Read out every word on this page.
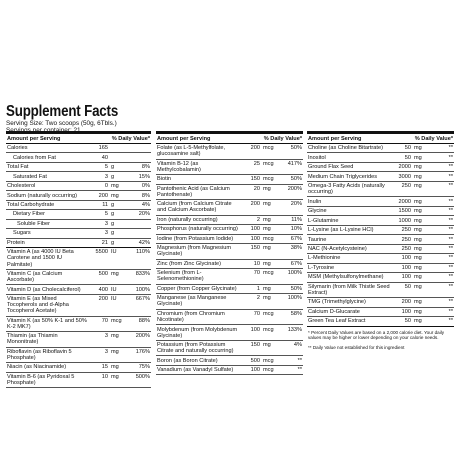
Supplement Facts
Serving Size: Two scoops (50g, 6Tbls.)
Servings per container: 21
Amount per Serving	% Daily Value*
Calories	165
Calories from Fat	40
Total Fat	5 g	8%
Saturated Fat	3 g	15%
Cholesterol	0 mg	0%
Sodium (naturally occurring)	200 mg	8%
Total Carbohydrate	11 g	4%
Dietary Fiber	5 g	20%
Soluble Fiber	3 g
Sugars	3 g
Protein	21 g	42%
Vitamin A (as 4000 IU Beta Carotene and 1500 IU Palmitate)
5500 IU	110%
Vitamin C (as Calcium Ascorbate)
500 mg	833%
Vitamin D (as Cholecalciferol)	400 IU	100%
Vitamin E (as Mixed Tocopherols and d-Alpha Tocopherol Acetate)
200 IU	667%
Vitamin K (as 50% K-1 and 50% K-2 MK7)
70 mcg	88%
Thiamin (as Thiamin Mononitrate)
3 mg	200%
Riboflavin (as Riboflavin 5 Phosphate)
3 mg	176%
Niacin (as Niacinamide)	15 mg	75%
Vitamin B-6 (as Pyridoxal 5 Phosphate)
10 mg	500%
Amount per Serving	% Daily Value*
Folate (as L-5-Methylfolate, glucosamine salt)
200 mcg	50%
Vitamin B-12 (as Methylcobalamin)
25 mcg	417%
Biotin	150 mcg	50%
Pantothenic Acid (as Calcium Pantothenate)
20 mg	200%
Calcium (from Calcium Citrate and Calcium Ascorbate)
200 mg	20%
Iron (naturally occurring)	2 mg	11%
Phosphorus (naturally occurring)	100 mg	10%
Iodine (from Potassium Iodide)	100 mcg	67%
Magnesium (from Magnesium Glycinate)
150 mg	38%
Zinc (from Zinc Glycinate)	10 mg	67%
Selenium (from L- Selenomethionine)
70 mcg	100%
Copper (from Copper Glycinate)	1 mg	50%
Manganese (as Manganese Glycinate)
2 mg	100%
Chromium (from Chromium Nicotinate)
70 mcg	58%
Molybdenum (from Molybdenum Glycinate)
100 mcg	133%
Potassium (from Potassium Citrate and naturally occurring)
150 mg	4%
Boron (as Boron Citrate)	500 mcg	**
Vanadium (as Vanadyl Sulfate)	100 mcg	**
Amount per Serving	% Daily Value*
Choline (as Choline Bitartrate)	50 mg	**
Inositol	50 mg	**
Ground Flax Seed	2000 mg	**
Medium Chain Triglycerides	3000 mg	**
Omega-3 Fatty Acids (naturally occurring)
250 mg	**
Inulin	2000 mg	**
Glycine	1500 mg	**
L-Glutamine	1000 mg	**
L-Lysine (as L-Lysine HCl)	250 mg	**
Taurine	250 mg	**
NAC (N-Acetylcysteine)	250 mg	**
L-Methionine	100 mg	**
L-Tyrosine	100 mg	**
MSM (Methylsulfonylmethane)	100 mg	**
Silymarin (from Milk Thistle Seed Extract)
50 mg	**
TMG (Trimethylglycine)	200 mg	**
Calcium D-Glucarate	100 mg	**
Green Tea Leaf Extract	50 mg	**

* Percent Daily Values are based on a 2,000 calorie diet. Your daily values may be higher or lower depending on your calorie needs.

** Daily Value not established for this ingredient
